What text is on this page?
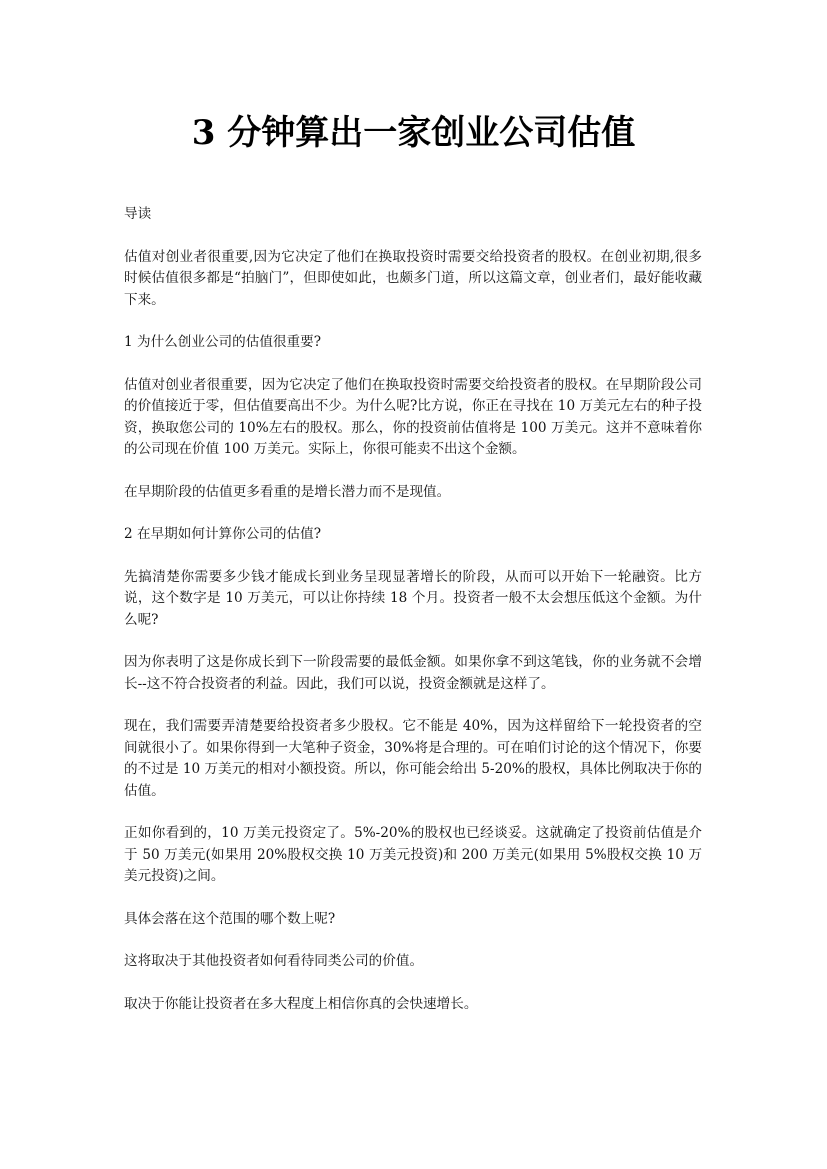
3 分钟算出一家创业公司估值

导读

估值对创业者很重要,因为它决定了他们在换取投资时需要交给投资者的股权。在创业初期,很多时候估值很多都是“拍脑门”，但即使如此，也颇多门道，所以这篇文章，创业者们，最好能收藏下来。

1 为什么创业公司的估值很重要?

估值对创业者很重要，因为它决定了他们在换取投资时需要交给投资者的股权。在早期阶段公司的价值接近于零，但估值要高出不少。为什么呢?比方说，你正在寻找在 10 万美元左右的种子投资，换取您公司的 10%左右的股权。那么，你的投资前估值将是 100 万美元。这并不意味着你的公司现在价值 100 万美元。实际上，你很可能卖不出这个金额。

在早期阶段的估值更多看重的是增长潜力而不是现值。

2 在早期如何计算你公司的估值?

先搞清楚你需要多少钱才能成长到业务呈现显著增长的阶段，从而可以开始下一轮融资。比方说，这个数字是 10 万美元，可以让你持续 18 个月。投资者一般不太会想压低这个金额。为什么呢?

因为你表明了这是你成长到下一阶段需要的最低金额。如果你拿不到这笔钱，你的业务就不会增长--这不符合投资者的利益。因此，我们可以说，投资金额就是这样了。

现在，我们需要弄清楚要给投资者多少股权。它不能是 40%，因为这样留给下一轮投资者的空间就很小了。如果你得到一大笔种子资金，30%将是合理的。可在咱们讨论的这个情况下，你要的不过是 10 万美元的相对小额投资。所以，你可能会给出 5-20%的股权，具体比例取决于你的估值。

正如你看到的，10 万美元投资定了。5%-20%的股权也已经谈妥。这就确定了投资前估值是介于 50 万美元(如果用 20%股权交换 10 万美元投资)和 200 万美元(如果用 5%股权交换 10 万美元投资)之间。

具体会落在这个范围的哪个数上呢?

这将取决于其他投资者如何看待同类公司的价值。

取决于你能让投资者在多大程度上相信你真的会快速增长。
